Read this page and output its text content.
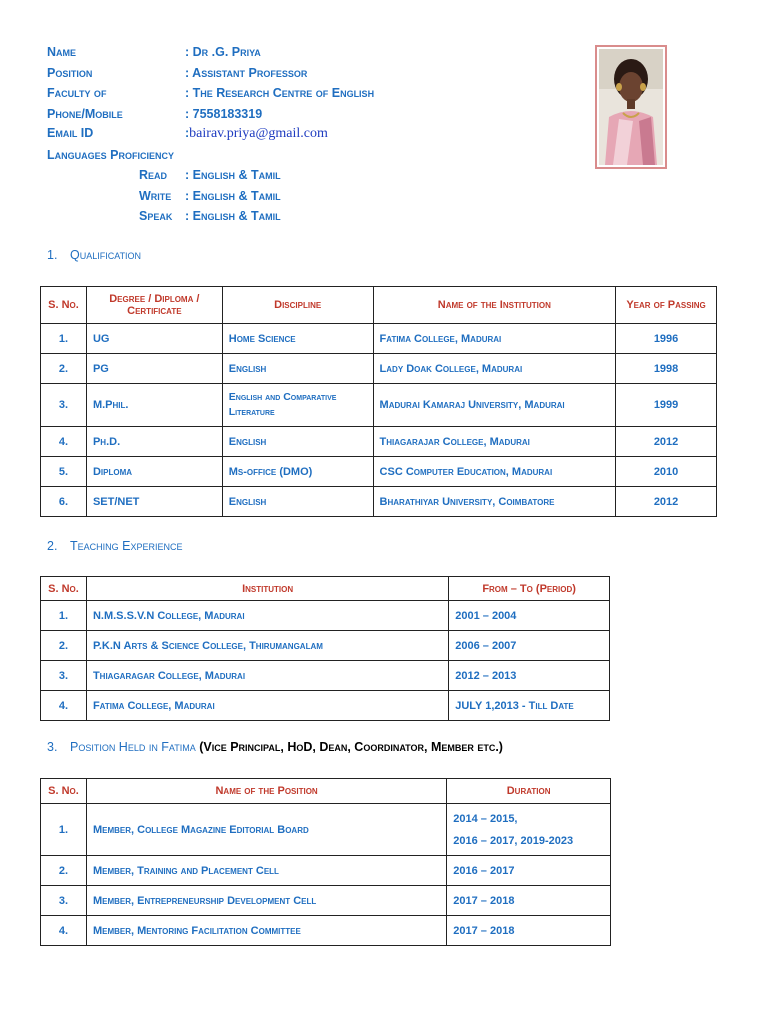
Name	: Dr .G. Priya
Position	: Assistant Professor
Faculty of	: The Research Centre of English
Phone/Mobile	: 7558183319
Email ID	:bairav.priya@gmail.com
Languages Proficiency
Read : English & Tamil
Write : English & Tamil
Speak : English & Tamil
1. Qualification
S. No.	Degree / Diploma / Certificate	Discipline	Name of the Institution	Year of Passing
1.	UG	Home Science	Fatima College, Madurai	1996
2.	PG	English	Lady Doak College, Madurai	1998
3.	M.Phil.	English and Comparative Literature	Madurai Kamaraj University, Madurai	1999
4.	Ph.D.	English	Thiagarajar College, Madurai	2012
5.	Diploma	Ms-office (DMO)	CSC Computer Education, Madurai	2010
6.	SET/NET	English	Bharathiyar University, Coimbatore	2012
2. Teaching Experience
S. No.	Institution	From – To (Period)
1.	N.M.S.S.V.N College, Madurai	2001 – 2004
2.	P.K.N Arts & Science College, Thirumangalam	2006 – 2007
3.	Thiagaragar College, Madurai	2012 – 2013
4.	Fatima College, Madurai	JULY 1,2013 - Till Date
3. Position Held in Fatima (Vice Principal, HoD, Dean, Coordinator, Member etc.)
S. No.	Name of the Position	Duration
1.	Member, College Magazine Editorial Board	2014 – 2015,
2016 – 2017, 2019-2023

2.	Member, Training and Placement Cell	2016 – 2017
3.	Member, Entrepreneurship Development Cell	2017 – 2018
4.	Member, Mentoring Facilitation Committee	2017 – 2018
